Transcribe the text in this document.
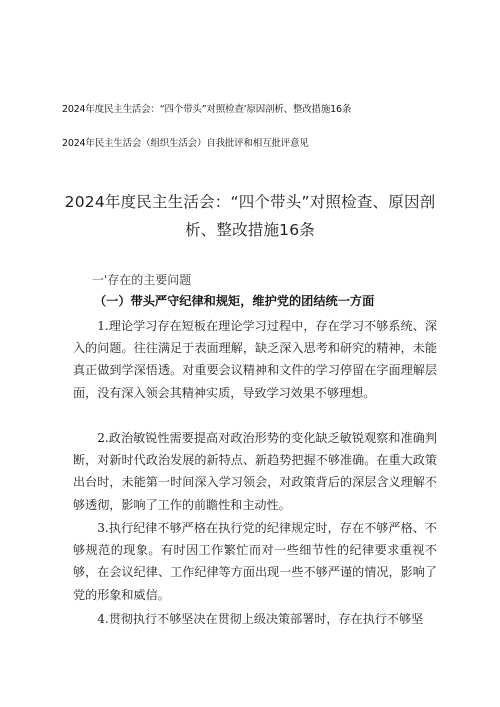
2024年度民主生活会：“四个带头”对照检查’原因剖析、整改措施16条
2024年民主生活会（组织生活会）自我批评和相互批评意见
2024年度民主生活会：“四个带头”对照检查、原因剖
析、整改措施16条
一'存在的主要问题
（一）带头严守纪律和规矩，维护党的团结统一方面
1.理论学习存在短板在理论学习过程中，存在学习不够系统、深入的问题。往往满足于表面理解，缺乏深入思考和研究的精神，未能真正做到学深悟透。对重要会议精神和文件的学习停留在字面理解层面，没有深入领会其精神实质，导致学习效果不够理想。
2.政治敏锐性需要提高对政治形势的变化缺乏敏锐观察和准确判断，对新时代政治发展的新特点、新趋势把握不够准确。在重大政策出台时，未能第一时间深入学习领会，对政策背后的深层含义理解不够透彻，影响了工作的前瞻性和主动性。
3.执行纪律不够严格在执行党的纪律规定时，存在不够严格、不够规范的现象。有时因工作繁忙而对一些细节性的纪律要求重视不够，在会议纪律、工作纪律等方面出现一些不够严谨的情况，影响了党的形象和威信。
4.贯彻执行不够坚决在贯彻上级决策部署时，存在执行不够坚
